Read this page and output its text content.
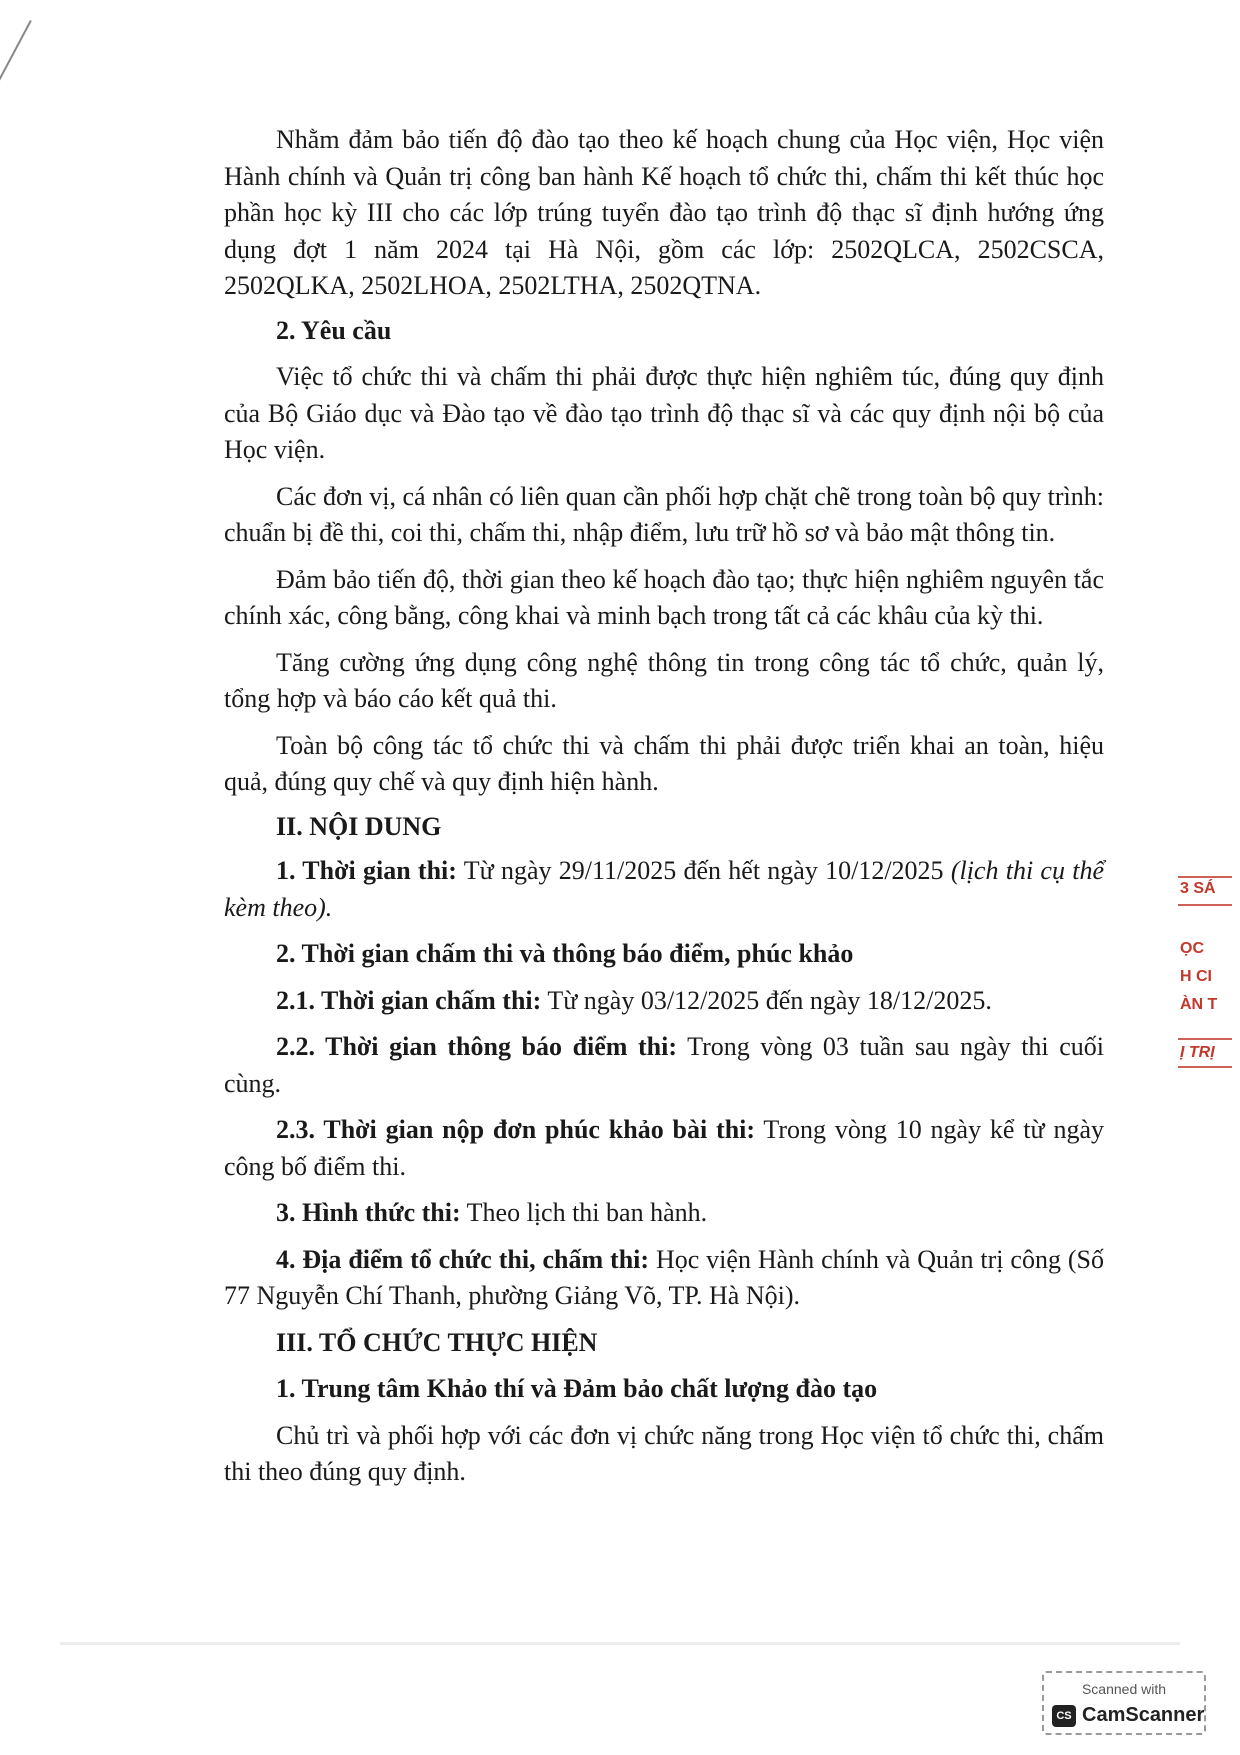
Nhằm đảm bảo tiến độ đào tạo theo kế hoạch chung của Học viện, Học viện Hành chính và Quản trị công ban hành Kế hoạch tổ chức thi, chấm thi kết thúc học phần học kỳ III cho các lớp trúng tuyển đào tạo trình độ thạc sĩ định hướng ứng dụng đợt 1 năm 2024 tại Hà Nội, gồm các lớp: 2502QLCA, 2502CSCA, 2502QLKA, 2502LHOA, 2502LTHA, 2502QTNA.

2. Yêu cầu

Việc tổ chức thi và chấm thi phải được thực hiện nghiêm túc, đúng quy định của Bộ Giáo dục và Đào tạo về đào tạo trình độ thạc sĩ và các quy định nội bộ của Học viện.

Các đơn vị, cá nhân có liên quan cần phối hợp chặt chẽ trong toàn bộ quy trình: chuẩn bị đề thi, coi thi, chấm thi, nhập điểm, lưu trữ hồ sơ và bảo mật thông tin.

Đảm bảo tiến độ, thời gian theo kế hoạch đào tạo; thực hiện nghiêm nguyên tắc chính xác, công bằng, công khai và minh bạch trong tất cả các khâu của kỳ thi.

Tăng cường ứng dụng công nghệ thông tin trong công tác tổ chức, quản lý, tổng hợp và báo cáo kết quả thi.

Toàn bộ công tác tổ chức thi và chấm thi phải được triển khai an toàn, hiệu quả, đúng quy chế và quy định hiện hành.

II. NỘI DUNG

1. Thời gian thi: Từ ngày 29/11/2025 đến hết ngày 10/12/2025 (lịch thi cụ thể kèm theo).

2. Thời gian chấm thi và thông báo điểm, phúc khảo

2.1. Thời gian chấm thi: Từ ngày 03/12/2025 đến ngày 18/12/2025.

2.2. Thời gian thông báo điểm thi: Trong vòng 03 tuần sau ngày thi cuối cùng.

2.3. Thời gian nộp đơn phúc khảo bài thi: Trong vòng 10 ngày kể từ ngày công bố điểm thi.

3. Hình thức thi: Theo lịch thi ban hành.

4. Địa điểm tổ chức thi, chấm thi: Học viện Hành chính và Quản trị công (Số 77 Nguyễn Chí Thanh, phường Giảng Võ, TP. Hà Nội).

III. TỔ CHỨC THỰC HIỆN

1. Trung tâm Khảo thí và Đảm bảo chất lượng đào tạo

Chủ trì và phối hợp với các đơn vị chức năng trong Học viện tổ chức thi, chấm thi theo đúng quy định.

3 SÁ
ỌC
H CI
ÀN T
Ị TRỊ
Scanned with
CS CamScanner
